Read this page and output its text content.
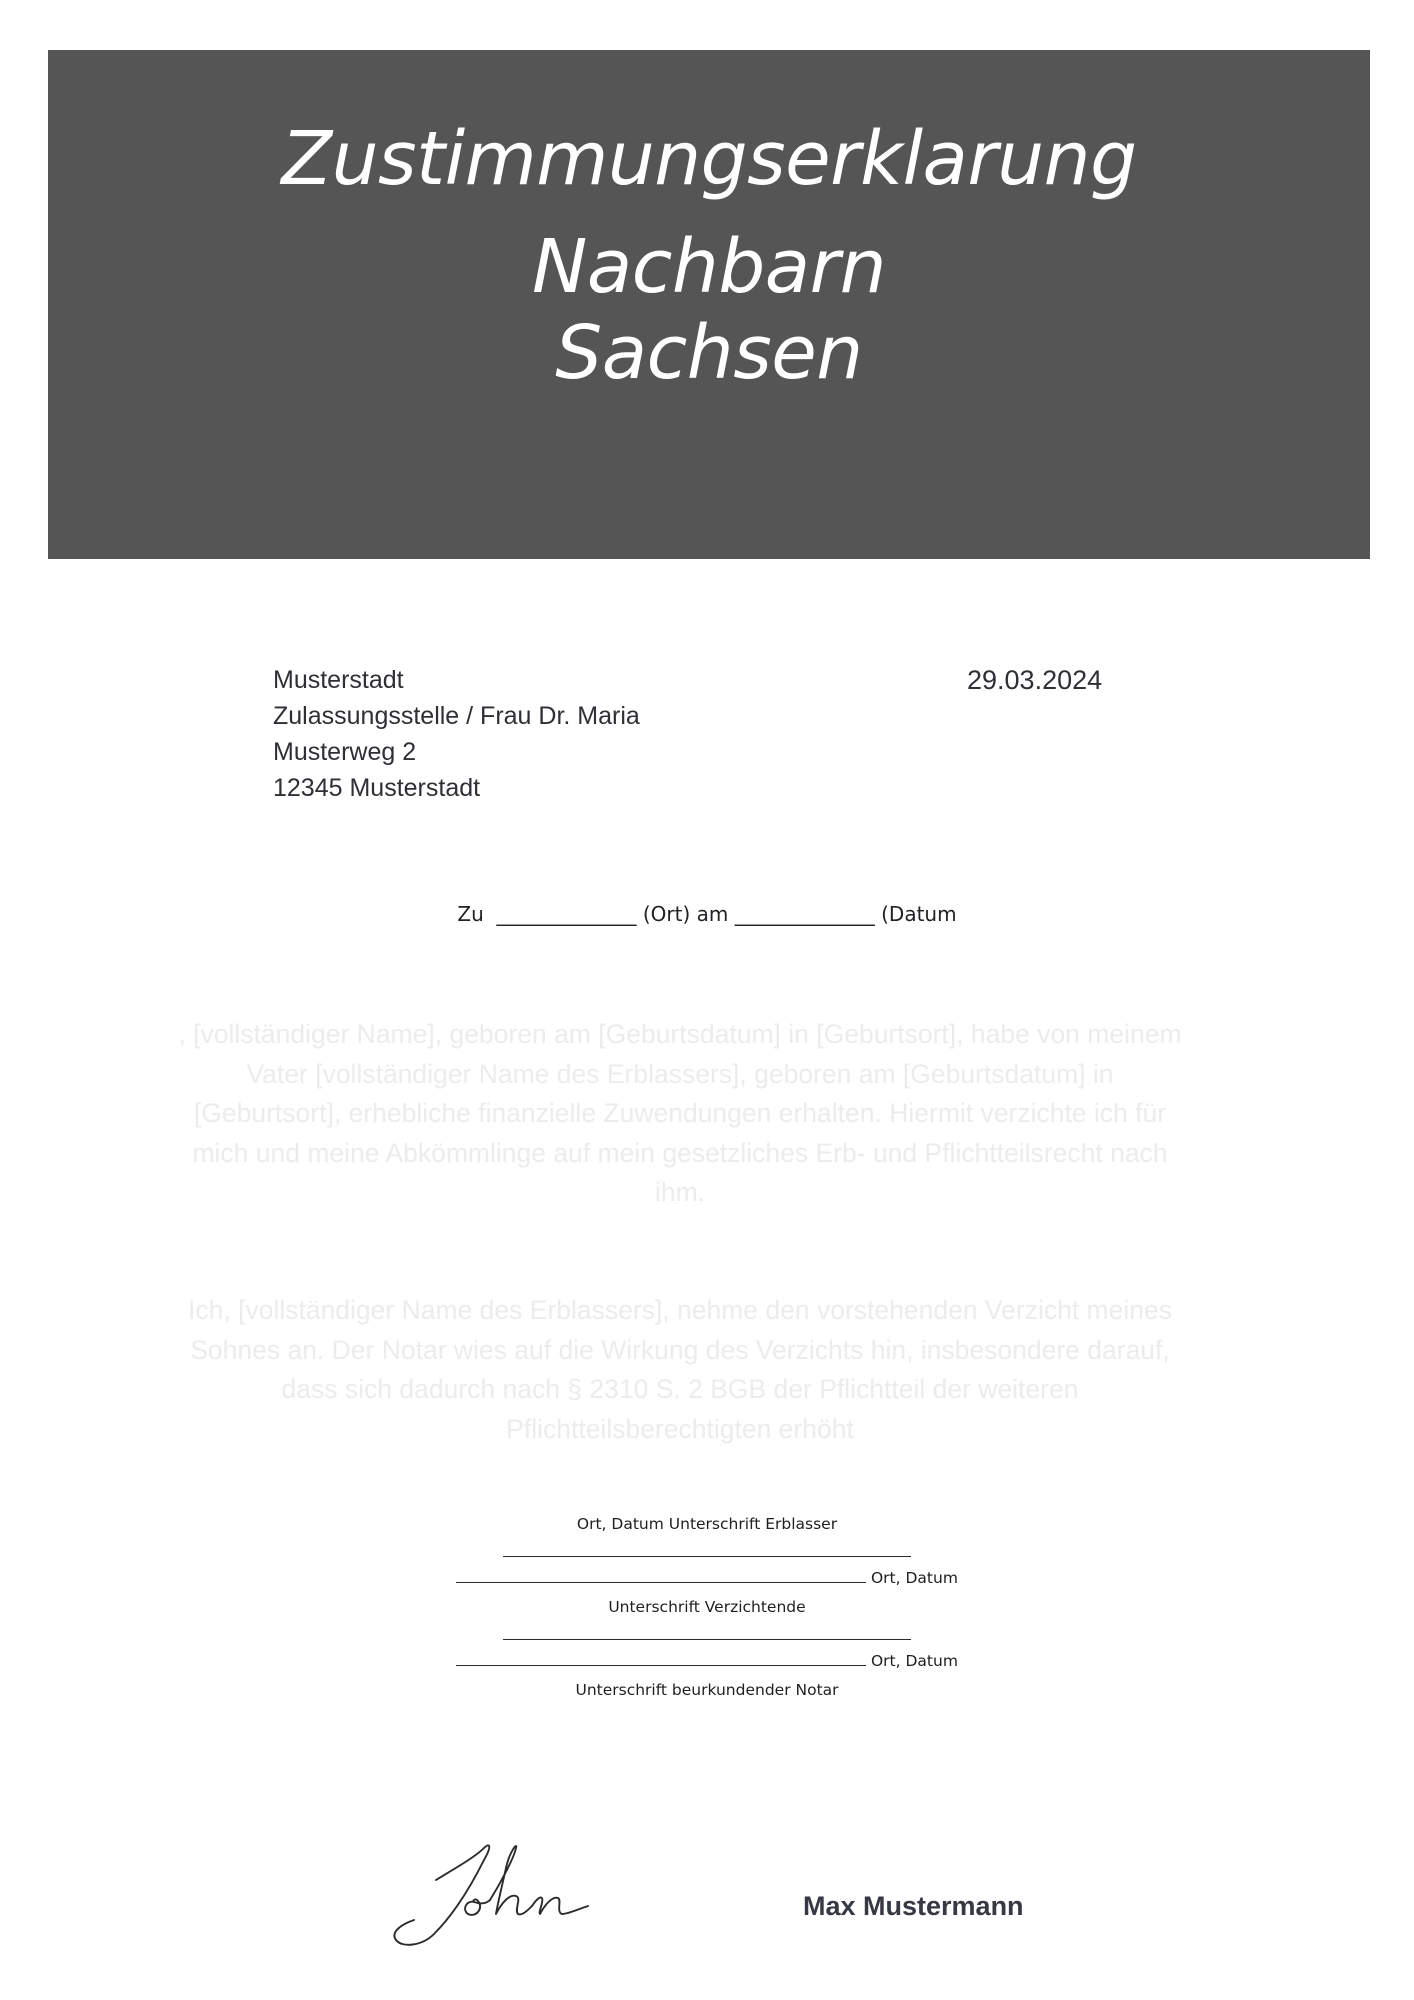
Zustimmungserklarung
Nachbarn
Sachsen
Musterstadt
Zulassungsstelle / Frau Dr. Maria
Musterweg 2
12345 Musterstadt
29.03.2024
Zu ______________ (Ort) am ______________ (Datum
, [vollständiger Name], geboren am [Geburtsdatum] in [Geburtsort], habe von meinem Vater [vollständiger Name des Erblassers], geboren am [Geburtsdatum] in [Geburtsort], erhebliche finanzielle Zuwendungen erhalten. Hiermit verzichte ich für mich und meine Abkömmlinge auf mein gesetzliches Erb- und Pflichtteilsrecht nach ihm.
Ich, [vollständiger Name des Erblassers], nehme den vorstehenden Verzicht meines Sohnes an. Der Notar wies auf die Wirkung des Verzichts hin, insbesondere darauf, dass sich dadurch nach § 2310 S. 2 BGB der Pflichtteil der weiteren Pflichtteilsberechtigten erhöht
Ort, Datum Unterschrift Erblasser
Ort, Datum
Unterschrift Verzichtende
Ort, Datum
Unterschrift beurkundender Notar
Max Mustermann
